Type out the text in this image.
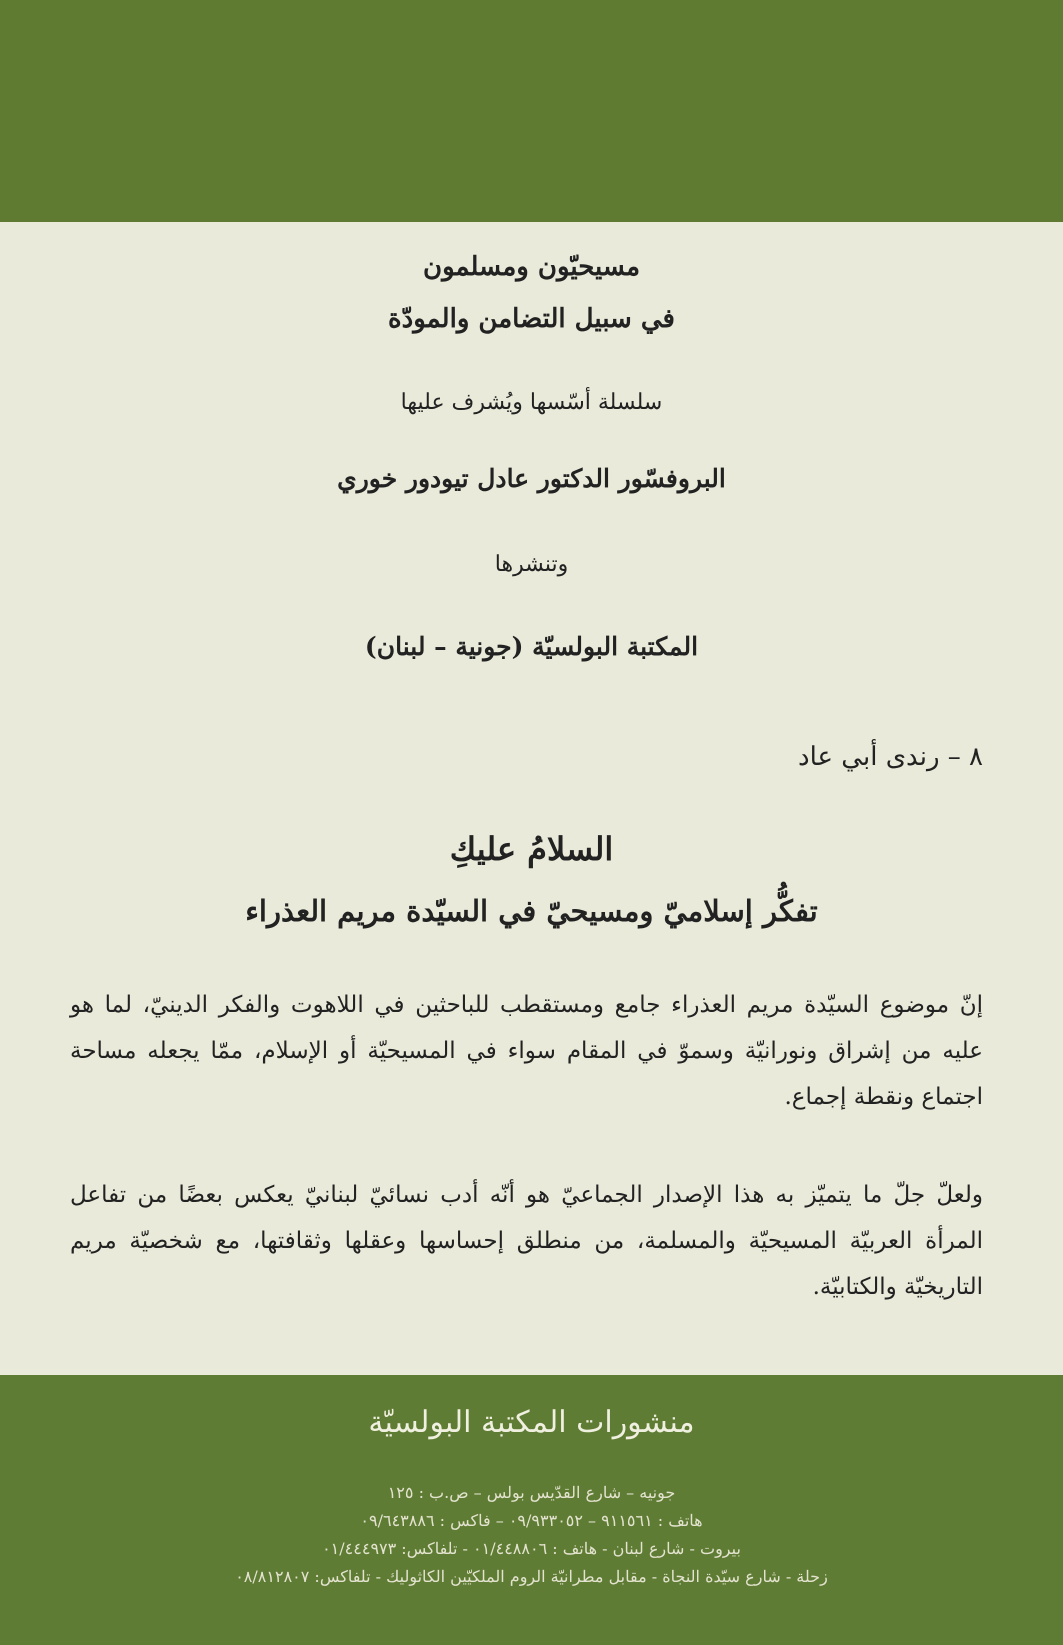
مسيحيّون ومسلمون

في سبيل التضامن والمودّة

سلسلة أسّسها ويُشرف عليها

البروفسّور الدكتور عادل تيودور خوري

وتنشرها

المكتبة البولسيّة (جونية – لبنان)

٨ – رندى أبي عاد

السلامُ عليكِ

تفكُّر إسلاميّ ومسيحيّ في السيّدة مريم العذراء

إنّ موضوع السيّدة مريم العذراء جامع ومستقطب للباحثين في اللاهوت والفكر الدينيّ، لما هو عليه من إشراق ونورانيّة وسموّ في المقام سواء في المسيحيّة أو الإسلام، ممّا يجعله مساحة اجتماع ونقطة إجماع.

ولعلّ جلّ ما يتميّز به هذا الإصدار الجماعيّ هو أنّه أدب نسائيّ لبنانيّ يعكس بعضًا من تفاعل المرأة العربيّة المسيحيّة والمسلمة، من منطلق إحساسها وعقلها وثقافتها، مع شخصيّة مريم التاريخيّة والكتابيّة.

منشورات المكتبة البولسيّة

جونيه – شارع القدّيس بولس – ص.ب : ١٢٥

هاتف : ٩١١٥٦١ – ٠٩/٩٣٣٠٥٢ – فاكس : ٠٩/٦٤٣٨٨٦

بيروت - شارع لبنان - هاتف : ٠١/٤٤٨٨٠٦ - تلفاكس: ٠١/٤٤٤٩٧٣

زحلة - شارع سيّدة النجاة - مقابل مطرانيّة الروم الملكيّين الكاثوليك - تلفاكس: ٠٨/٨١٢٨٠٧
